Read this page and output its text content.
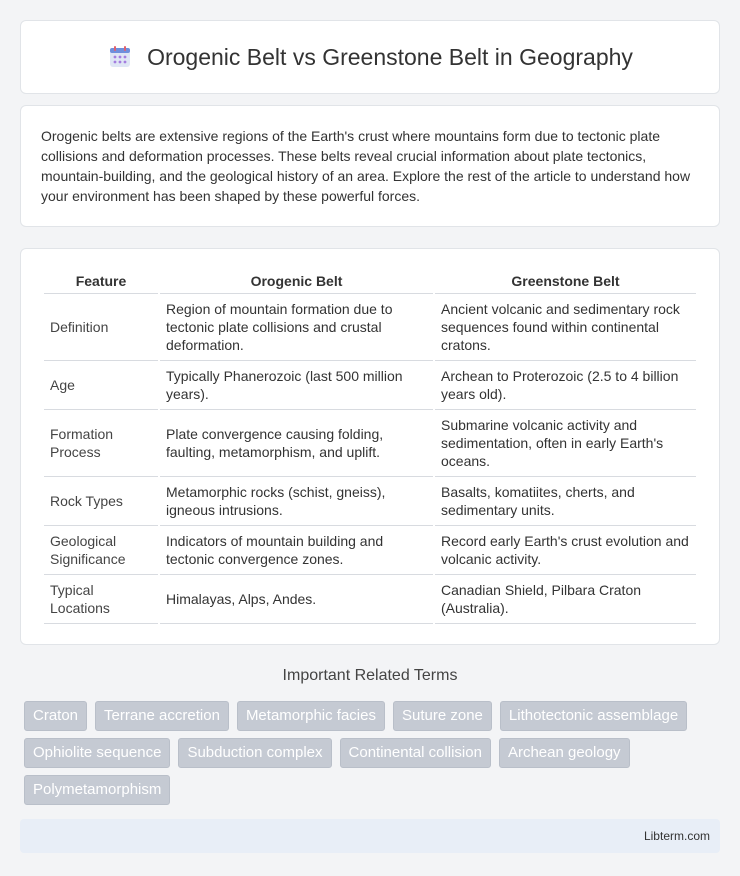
Orogenic Belt vs Greenstone Belt in Geography

Orogenic belts are extensive regions of the Earth's crust where mountains form due to tectonic plate collisions and deformation processes. These belts reveal crucial information about plate tectonics, mountain-building, and the geological history of an area. Explore the rest of the article to understand how your environment has been shaped by these powerful forces.

Feature	Orogenic Belt	Greenstone Belt
Definition	Region of mountain formation due to tectonic plate collisions and crustal deformation.	Ancient volcanic and sedimentary rock sequences found within continental cratons.
Age	Typically Phanerozoic (last 500 million years).	Archean to Proterozoic (2.5 to 4 billion years old).
Formation Process	Plate convergence causing folding, faulting, metamorphism, and uplift.	Submarine volcanic activity and sedimentation, often in early Earth's oceans.
Rock Types	Metamorphic rocks (schist, gneiss), igneous intrusions.	Basalts, komatiites, cherts, and sedimentary units.
Geological Significance	Indicators of mountain building and tectonic convergence zones.	Record early Earth's crust evolution and volcanic activity.
Typical Locations	Himalayas, Alps, Andes.	Canadian Shield, Pilbara Craton (Australia).
Important Related Terms
Craton	Terrane accretion	Metamorphic facies	Suture zone	Lithotectonic assemblage
Ophiolite sequence	Subduction complex	Continental collision	Archean geology
Polymetamorphism
Libterm.com
